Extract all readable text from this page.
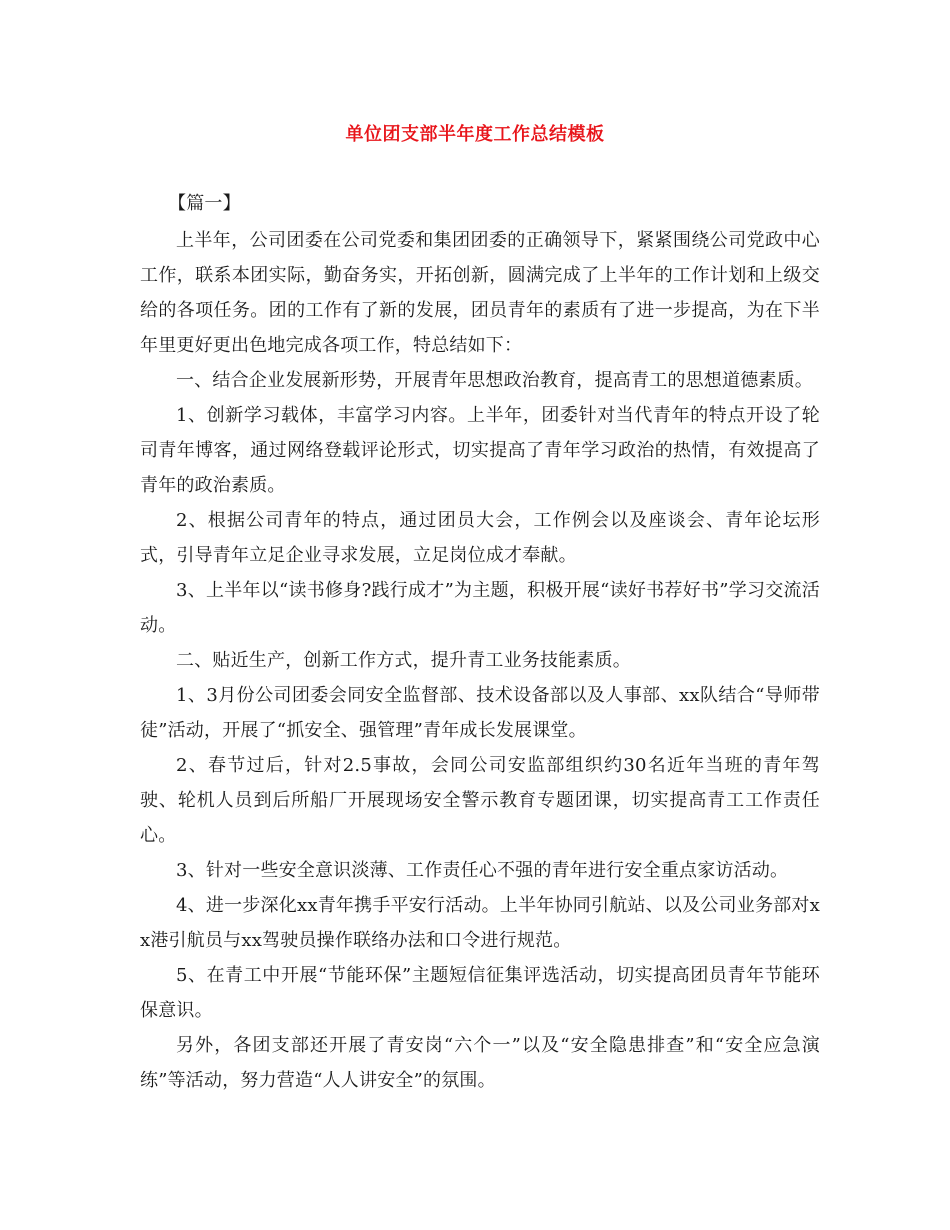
单位团支部半年度工作总结模板

【篇一】

上半年，公司团委在公司党委和集团团委的正确领导下，紧紧围绕公司党政中心工作，联系本团实际，勤奋务实，开拓创新，圆满完成了上半年的工作计划和上级交给的各项任务。团的工作有了新的发展，团员青年的素质有了进一步提高，为在下半年里更好更出色地完成各项工作，特总结如下：

一、结合企业发展新形势，开展青年思想政治教育，提高青工的思想道德素质。

1、创新学习载体，丰富学习内容。上半年，团委针对当代青年的特点开设了轮司青年博客，通过网络登载评论形式，切实提高了青年学习政治的热情，有效提高了青年的政治素质。

2、根据公司青年的特点，通过团员大会，工作例会以及座谈会、青年论坛形式，引导青年立足企业寻求发展，立足岗位成才奉献。

3、上半年以“读书修身?践行成才”为主题，积极开展“读好书荐好书”学习交流活动。

二、贴近生产，创新工作方式，提升青工业务技能素质。

1、3月份公司团委会同安全监督部、技术设备部以及人事部、xx队结合“导师带徒”活动，开展了“抓安全、强管理”青年成长发展课堂。

2、春节过后，针对2.5事故，会同公司安监部组织约30名近年当班的青年驾驶、轮机人员到后所船厂开展现场安全警示教育专题团课，切实提高青工工作责任心。

3、针对一些安全意识淡薄、工作责任心不强的青年进行安全重点家访活动。

4、进一步深化xx青年携手平安行活动。上半年协同引航站、以及公司业务部对xx港引航员与xx驾驶员操作联络办法和口令进行规范。

5、在青工中开展“节能环保”主题短信征集评选活动，切实提高团员青年节能环保意识。

另外，各团支部还开展了青安岗“六个一”以及“安全隐患排查”和“安全应急演练”等活动，努力营造“人人讲安全”的氛围。
